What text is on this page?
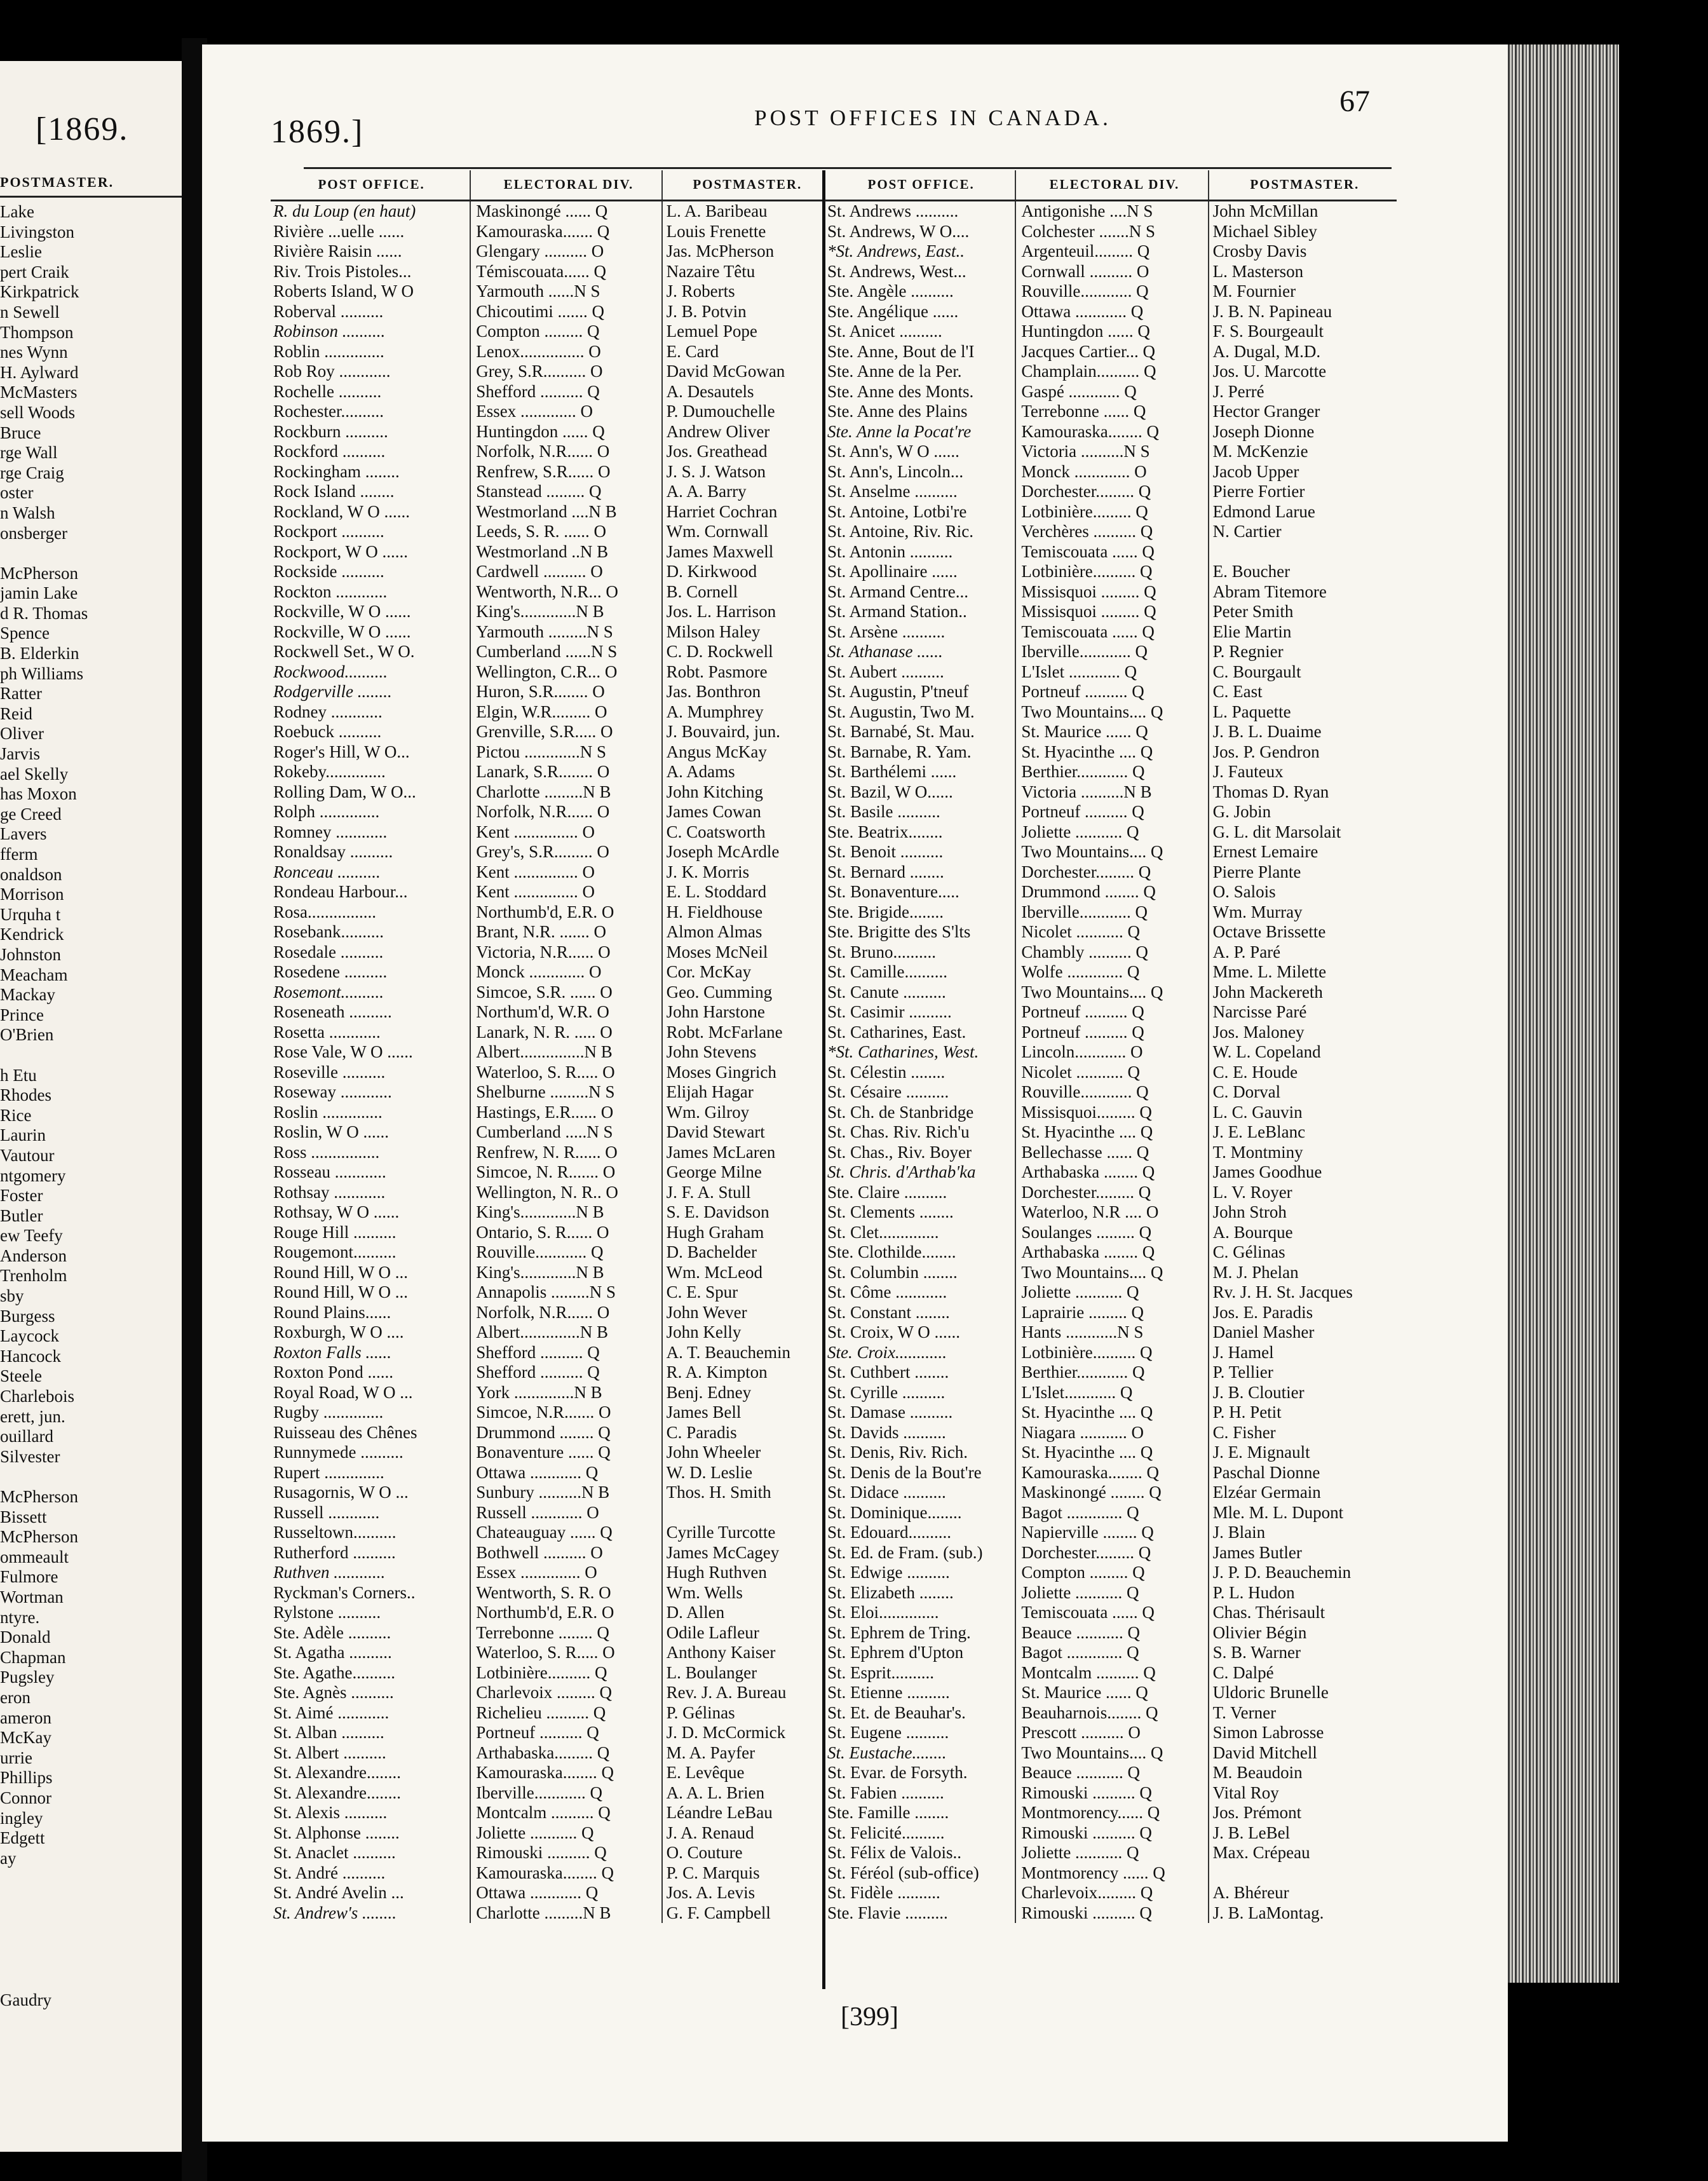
[1869.
POSTMASTER.
Lake
Livingston
Leslie
pert Craik
Kirkpatrick
n Sewell
Thompson
nes Wynn
H. Aylward
McMasters
sell Woods
Bruce
rge Wall
rge Craig
oster
n Walsh
onsberger
McPherson
jamin Lake
d R. Thomas
Spence
B. Elderkin
ph Williams
Ratter
Reid
Oliver
Jarvis
ael Skelly
has Moxon
ge Creed
Lavers
fferm
onaldson
Morrison
Urquha t
Kendrick
Johnston
Meacham
Mackay
Prince
O'Brien
h Etu
Rhodes
Rice
Laurin
Vautour
ntgomery
Foster
Butler
ew Teefy
Anderson
Trenholm
sby
Burgess
Laycock
Hancock
Steele
Charlebois
erett, jun.
ouillard
Silvester
McPherson
Bissett
McPherson
ommeault
Fulmore
Wortman
ntyre.
Donald
Chapman
Pugsley
eron
ameron
McKay
urrie
Phillips
Connor
ingley
Edgett
ay
Gaudry
1869.]	POST OFFICES IN CANADA.	67
POST OFFICE.	ELECTORAL DIV.	POSTMASTER.
R. du Loup (en haut)	Maskinongé ...... Q	L. A. Baribeau
Rivière ...uelle ......	Kamouraska....... Q	Louis Frenette
Rivière Raisin ......	Glengary .......... O	Jas. McPherson
Riv. Trois Pistoles...	Témiscouata...... Q	Nazaire Têtu
Roberts Island, W O	Yarmouth ......N S	J. Roberts
Roberval ..........	Chicoutimi ....... Q	J. B. Potvin
Robinson ..........	Compton ......... Q	Lemuel Pope
Roblin ..............	Lenox............... O	E. Card
Rob Roy ............	Grey, S.R.......... O	David McGowan
Rochelle ..........	Shefford .......... Q	A. Desautels
Rochester..........	Essex ............. O	P. Dumouchelle
Rockburn ..........	Huntingdon ...... Q	Andrew Oliver
Rockford ..........	Norfolk, N.R...... O	Jos. Greathead
Rockingham ........	Renfrew, S.R...... O	J. S. J. Watson
Rock Island ........	Stanstead ......... Q	A. A. Barry
Rockland, W O ......	Westmorland ....N B	Harriet Cochran
Rockport ..........	Leeds, S. R. ...... O	Wm. Cornwall
Rockport, W O ......	Westmorland ..N B	James Maxwell
Rockside ..........	Cardwell .......... O	D. Kirkwood
Rockton ............	Wentworth, N.R... O	B. Cornell
Rockville, W O ......	King's.............N B	Jos. L. Harrison
Rockville, W O ......	Yarmouth .........N S	Milson Haley
Rockwell Set., W O.	Cumberland ......N S	C. D. Rockwell
Rockwood..........	Wellington, C.R... O	Robt. Pasmore
Rodgerville ........	Huron, S.R........ O	Jas. Bonthron
Rodney ............	Elgin, W.R......... O	A. Mumphrey
Roebuck ..........	Grenville, S.R..... O	J. Bouvaird, jun.
Roger's Hill, W O...	Pictou .............N S	Angus McKay
Rokeby..............	Lanark, S.R........ O	A. Adams
Rolling Dam, W O...	Charlotte .........N B	John Kitching
Rolph ..............	Norfolk, N.R...... O	James Cowan
Romney ............	Kent ............... O	C. Coatsworth
Ronaldsay ..........	Grey's, S.R......... O	Joseph McArdle
Ronceau ..........	Kent ............... O	J. K. Morris
Rondeau Harbour...	Kent ............... O	E. L. Stoddard
Rosa................	Northumb'd, E.R. O	H. Fieldhouse
Rosebank..........	Brant, N.R. ....... O	Almon Almas
Rosedale ..........	Victoria, N.R...... O	Moses McNeil
Rosedene ..........	Monck ............. O	Cor. McKay
Rosemont..........	Simcoe, S.R. ...... O	Geo. Cumming
Roseneath ..........	Northum'd, W.R. O	John Harstone
Rosetta ............	Lanark, N. R. ..... O	Robt. McFarlane
Rose Vale, W O ......	Albert...............N B	John Stevens
Roseville ..........	Waterloo, S. R..... O	Moses Gingrich
Roseway ............	Shelburne .........N S	Elijah Hagar
Roslin ..............	Hastings, E.R...... O	Wm. Gilroy
Roslin, W O ......	Cumberland .....N S	David Stewart
Ross ................	Renfrew, N. R...... O	James McLaren
Rosseau ............	Simcoe, N. R....... O	George Milne
Rothsay ............	Wellington, N. R.. O	J. F. A. Stull
Rothsay, W O ......	King's.............N B	S. E. Davidson
Rouge Hill ..........	Ontario, S. R...... O	Hugh Graham
Rougemont..........	Rouville............ Q	D. Bachelder
Round Hill, W O ...	King's.............N B	Wm. McLeod
Round Hill, W O ...	Annapolis .........N S	C. E. Spur
Round Plains......	Norfolk, N.R...... O	John Wever
Roxburgh, W O ....	Albert..............N B	John Kelly
Roxton Falls ......	Shefford .......... Q	A. T. Beauchemin
Roxton Pond ......	Shefford .......... Q	R. A. Kimpton
Royal Road, W O ...	York ..............N B	Benj. Edney
Rugby ..............	Simcoe, N.R....... O	James Bell
Ruisseau des Chênes	Drummond ........ Q	C. Paradis
Runnymede ..........	Bonaventure ...... Q	John Wheeler
Rupert ..............	Ottawa ............ Q	W. D. Leslie
Rusagornis, W O ...	Sunbury ..........N B	Thos. H. Smith
Russell ............	Russell ............ O
Russeltown..........	Chateauguay ...... Q	Cyrille Turcotte
Rutherford ..........	Bothwell .......... O	James McCagey
Ruthven ............	Essex .............. O	Hugh Ruthven
Ryckman's Corners..	Wentworth, S. R. O	Wm. Wells
Rylstone ..........	Northumb'd, E.R. O	D. Allen
Ste. Adèle ..........	Terrebonne ........ Q	Odile Lafleur
St. Agatha ..........	Waterloo, S. R..... O	Anthony Kaiser
Ste. Agathe..........	Lotbinière.......... Q	L. Boulanger
Ste. Agnès ..........	Charlevoix ......... Q	Rev. J. A. Bureau
St. Aimé ............	Richelieu .......... Q	P. Gélinas
St. Alban ..........	Portneuf .......... Q	J. D. McCormick
St. Albert ..........	Arthabaska......... Q	M. A. Payfer
St. Alexandre........	Kamouraska........ Q	E. Levêque
St. Alexandre........	Iberville............ Q	A. A. L. Brien
St. Alexis ..........	Montcalm .......... Q	Léandre LeBau
St. Alphonse ........	Joliette ........... Q	J. A. Renaud
St. Anaclet ..........	Rimouski .......... Q	O. Couture
St. André ..........	Kamouraska........ Q	P. C. Marquis
St. André Avelin ...	Ottawa ............ Q	Jos. A. Levis
St. Andrew's ........	Charlotte .........N B	G. F. Campbell
POST OFFICE.	ELECTORAL DIV.	POSTMASTER.
St. Andrews ..........	Antigonishe ....N S	John McMillan
St. Andrews, W O....	Colchester .......N S	Michael Sibley
*St. Andrews, East..	Argenteuil......... Q	Crosby Davis
St. Andrews, West...	Cornwall .......... O	L. Masterson
Ste. Angèle ..........	Rouville............ Q	M. Fournier
Ste. Angélique ......	Ottawa ............ Q	J. B. N. Papineau
St. Anicet ..........	Huntingdon ...... Q	F. S. Bourgeault
Ste. Anne, Bout de l'I	Jacques Cartier... Q	A. Dugal, M.D.
Ste. Anne de la Per.	Champlain.......... Q	Jos. U. Marcotte
Ste. Anne des Monts.	Gaspé ............ Q	J. Perré
Ste. Anne des Plains	Terrebonne ...... Q	Hector Granger
Ste. Anne la Pocat're	Kamouraska........ Q	Joseph Dionne
St. Ann's, W O ......	Victoria ..........N S	M. McKenzie
St. Ann's, Lincoln...	Monck ............. O	Jacob Upper
St. Anselme ..........	Dorchester......... Q	Pierre Fortier
St. Antoine, Lotbi're	Lotbinière......... Q	Edmond Larue
St. Antoine, Riv. Ric.	Verchères .......... Q	N. Cartier
St. Antonin ..........	Temiscouata ...... Q
St. Apollinaire ......	Lotbinière.......... Q	E. Boucher
St. Armand Centre...	Missisquoi ......... Q	Abram Titemore
St. Armand Station..	Missisquoi ......... Q	Peter Smith
St. Arsène ..........	Temiscouata ...... Q	Elie Martin
St. Athanase ......	Iberville............ Q	P. Regnier
St. Aubert ..........	L'Islet ............ Q	C. Bourgault
St. Augustin, P'tneuf	Portneuf .......... Q	C. East
St. Augustin, Two M.	Two Mountains.... Q	L. Paquette
St. Barnabé, St. Mau.	St. Maurice ...... Q	J. B. L. Duaime
St. Barnabe, R. Yam.	St. Hyacinthe .... Q	Jos. P. Gendron
St. Barthélemi ......	Berthier............ Q	J. Fauteux
St. Bazil, W O......	Victoria ..........N B	Thomas D. Ryan
St. Basile ..........	Portneuf .......... Q	G. Jobin
Ste. Beatrix........	Joliette ........... Q	G. L. dit Marsolait
St. Benoit ..........	Two Mountains.... Q	Ernest Lemaire
St. Bernard ........	Dorchester......... Q	Pierre Plante
St. Bonaventure.....	Drummond ........ Q	O. Salois
Ste. Brigide........	Iberville............ Q	Wm. Murray
Ste. Brigitte des S'lts	Nicolet ........... Q	Octave Brissette
St. Bruno..........	Chambly .......... Q	A. P. Paré
St. Camille..........	Wolfe ............. Q	Mme. L. Milette
St. Canute ..........	Two Mountains.... Q	John Mackereth
St. Casimir ..........	Portneuf .......... Q	Narcisse Paré
St. Catharines, East.	Portneuf .......... Q	Jos. Maloney
*St. Catharines, West.	Lincoln............ O	W. L. Copeland
St. Célestin ........	Nicolet ........... Q	C. E. Houde
St. Césaire ..........	Rouville............ Q	C. Dorval
St. Ch. de Stanbridge	Missisquoi......... Q	L. C. Gauvin
St. Chas. Riv. Rich'u	St. Hyacinthe .... Q	J. E. LeBlanc
St. Chas., Riv. Boyer	Bellechasse ...... Q	T. Montminy
St. Chris. d'Arthab'ka	Arthabaska ........ Q	James Goodhue
Ste. Claire ..........	Dorchester......... Q	L. V. Royer
St. Clements ........	Waterloo, N.R .... O	John Stroh
St. Clet..............	Soulanges ......... Q	A. Bourque
Ste. Clothilde........	Arthabaska ........ Q	C. Gélinas
St. Columbin ........	Two Mountains.... Q	M. J. Phelan
St. Côme ............	Joliette ........... Q	Rv. J. H. St. Jacques
St. Constant ........	Laprairie ......... Q	Jos. E. Paradis
St. Croix, W O ......	Hants ............N S	Daniel Masher
Ste. Croix............	Lotbinière.......... Q	J. Hamel
St. Cuthbert ........	Berthier............ Q	P. Tellier
St. Cyrille ..........	L'Islet............ Q	J. B. Cloutier
St. Damase ..........	St. Hyacinthe .... Q	P. H. Petit
St. Davids ..........	Niagara ........... O	C. Fisher
St. Denis, Riv. Rich.	St. Hyacinthe .... Q	J. E. Mignault
St. Denis de la Bout're	Kamouraska........ Q	Paschal Dionne
St. Didace ..........	Maskinongé ........ Q	Elzéar Germain
St. Dominique........	Bagot ............. Q	Mle. M. L. Dupont
St. Edouard..........	Napierville ........ Q	J. Blain
St. Ed. de Fram. (sub.)	Dorchester......... Q	James Butler
St. Edwige ..........	Compton ......... Q	J. P. D. Beauchemin
St. Elizabeth ........	Joliette ........... Q	P. L. Hudon
St. Eloi..............	Temiscouata ...... Q	Chas. Thérisault
St. Ephrem de Tring.	Beauce ........... Q	Olivier Bégin
St. Ephrem d'Upton	Bagot ............. Q	S. B. Warner
St. Esprit..........	Montcalm .......... Q	C. Dalpé
St. Etienne ..........	St. Maurice ...... Q	Uldoric Brunelle
St. Et. de Beauhar's.	Beauharnois........ Q	T. Verner
St. Eugene ..........	Prescott .......... O	Simon Labrosse
St. Eustache........	Two Mountains.... Q	David Mitchell
St. Evar. de Forsyth.	Beauce ........... Q	M. Beaudoin
St. Fabien ..........	Rimouski .......... Q	Vital Roy
Ste. Famille ........	Montmorency...... Q	Jos. Prémont
St. Felicité..........	Rimouski .......... Q	J. B. LeBel
St. Félix de Valois..	Joliette ........... Q	Max. Crépeau
St. Féréol (sub-office)	Montmorency ...... Q
St. Fidèle ..........	Charlevoix......... Q	A. Bhéreur
Ste. Flavie ..........	Rimouski .......... Q	J. B. LaMontag.
[399]
